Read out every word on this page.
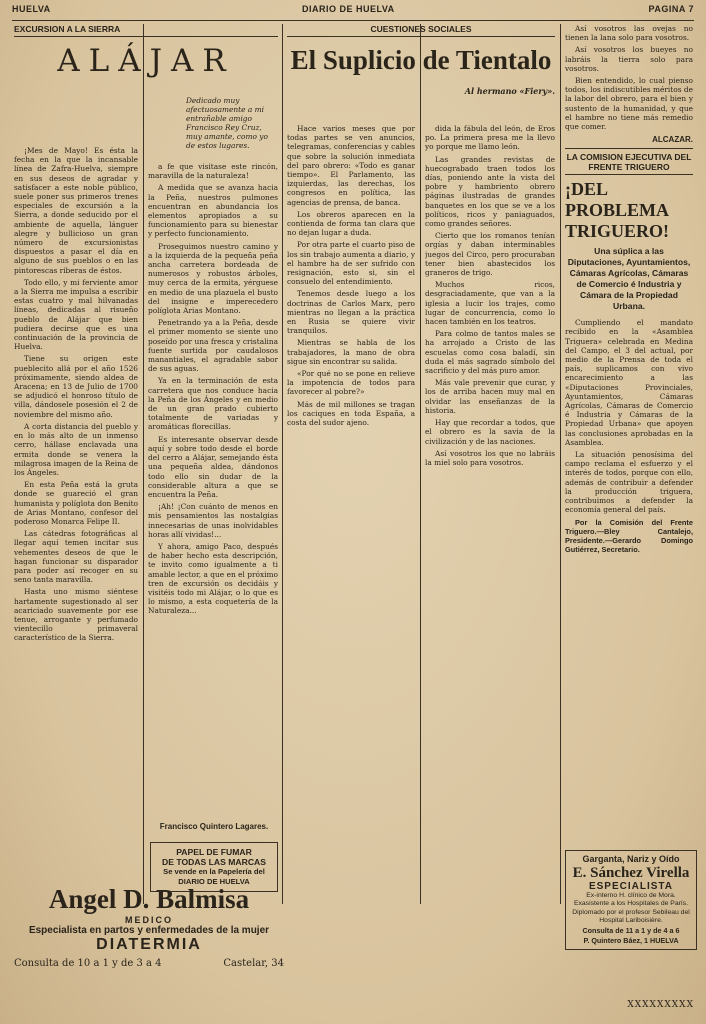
HUELVA	DIARIO DE HUELVA	PAGINA 7
EXCURSION A LA SIERRA
ALÁJAR

¡Mes de Mayo! Es ésta la fecha en la que la incansable línea de Zafra-Huelva, siempre en sus deseos de agradar y satisfacer a este noble público, suele poner sus primeros trenes especiales de excursión a la Sierra, a donde seducido por el ambiente de aquella, lánguer alegre y bullicioso un gran número de excursionistas dispuestos a pasar el día en alguno de sus pueblos o en las pintorescas riberas de éstos.

Todo ello, y mi ferviente amor a la Sierra me impulsa a escribir estas cuatro y mal hilvanadas líneas, dedicadas al risueño pueblo de Alájar que bien pudiera decirse que es una continuación de la provincia de Huelva.

Tiene su origen este pueblecito allá por el año 1526 próximamente, siendo aldea de Aracena; en 13 de Julio de 1700 se adjudicó el honroso título de villa, dándosele posesión el 2 de noviembre del mismo año.

A corta distancia del pueblo y en lo más alto de un inmenso cerro, hállase enclavada una ermita donde se venera la milagrosa imagen de la Reina de los Ángeles.

En esta Peña está la gruta donde se guareció el gran humanista y políglota don Benito de Arias Montano, confesor del poderoso Monarca Felipe II.

Las cátedras fotográficas al llegar aquí temen incitar sus vehementes deseos de que le hagan funcionar su disparador para poder así recoger en su seno tanta maravilla.

Hasta uno mismo siéntese hartamente sugestionado al ser acariciado suavemente por ese tenue, arrogante y perfumado vientecillo primaveral característico de la Sierra.

Dedicado muy afectuosamente a mi entrañable amigo Francisco Rey Cruz, muy amante, como yo de estos lugares.

a fe que visitase este rincón, maravilla de la naturaleza!

A medida que se avanza hacia la Peña, nuestros pulmones encuentran en abundancia los elementos apropiados a su funcionamiento para su bienestar y perfecto funcionamiento.

Proseguimos nuestro camino y a la izquierda de la pequeña peña ancha carretera bordeada de numerosos y robustos árboles, muy cerca de la ermita, yérguese en medio de una plazuela el busto del insigne e imperecedero políglota Arias Montano.

Penetrando ya a la Peña, desde el primer momento se siente uno poseído por una fresca y cristalina fuente surtida por caudalosos manantiales, el agradable sabor de sus aguas.

Ya en la terminación de esta carretera que nos conduce hacia la Peña de los Ángeles y en medio de un gran prado cubierto totalmente de variadas y aromáticas florecillas.

Es interesante observar desde aquí y sobre todo desde el borde del cerro a Alájar, semejando ésta una pequeña aldea, dándonos todo ello sin dudar de la considerable altura a que se encuentra la Peña.

¡Ah! ¡Con cuánto de menos en mis pensamientos las nostalgias innecesarias de unas inolvidables horas allí vividas!...

Y ahora, amigo Paco, después de haber hecho esta descripción, te invito como igualmente a ti amable lector, a que en el próximo tren de excursión os decidáis y visitéis todo mi Alájar, o lo que es lo mismo, a esta coquetería de la Naturaleza...

Francisco Quintero Lagares.
PAPEL DE FUMAR
DE TODAS LAS MARCAS
Se vende en la Papelería del
DIARIO DE HUELVA
CUESTIONES SOCIALES
El Suplicio de Tientalo
Al hermano «Fiery».

Hace varios meses que por todas partes se ven anuncios, telegramas, conferencias y cables que sobre la solución inmediata del paro obrero: «Todo es ganar tiempo». El Parlamento, las izquierdas, las derechas, los congresos en política, las agencias de prensa, de banca.

Los obreros aparecen en la contienda de forma tan clara que no dejan lugar a duda.

Por otra parte el cuarto piso de los sin trabajo aumenta a diario, y el hambre ha de ser sufrido con resignación, esto si, sin el consuelo del entendimiento.

Tenemos desde luego a los doctrinas de Carlos Marx, pero mientras no llegan a la práctica en Rusia se quiere vivir tranquilos.

Mientras se habla de los trabajadores, la mano de obra sigue sin encontrar su salida.

«Por qué no se pone en relieve la impotencia de todos para favorecer al pobre?»

Más de mil millones se tragan los caciques en toda España, a costa del sudor ajeno.

dida la fábula del león, de Eros po. La primera presa me la llevo yo porque me llamo león.

Las grandes revistas de huecograbado traen todos los días, poniendo ante la vista del pobre y hambriento obrero páginas ilustradas de grandes banquetes en los que se ve a los políticos, ricos y paniaguados, como grandes señores.

Cierto que los romanos tenían orgías y daban interminables juegos del Circo, pero procuraban tener bien abastecidos los graneros de trigo.

Muchos ricos, desgraciadamente, que van a la iglesia a lucir los trajes, como lugar de concurrencia, como lo hacen también en los teatros.

Para colmo de tantos males se ha arrojado a Cristo de las escuelas como cosa baladí, sin duda el más sagrado símbolo del sacrificio y del más puro amor.

Más vale prevenir que curar, y los de arriba hacen muy mal en olvidar las enseñanzas de la historia.

Hay que recordar a todos, que el obrero es la savia de la civilización y de las naciones.

Así vosotros los que no labráis la miel solo para vosotros.

Así vosotros las ovejas no tienen la lana solo para vosotros.

Así vosotros los bueyes no labráis la tierra solo para vosotros.

Bien entendido, lo cual pienso todos, los indiscutibles méritos de la labor del obrero, para el bien y sustento de la humanidad, y que el hambre no tiene más remedio que comer.

ALCAZAR.
LA COMISION EJECUTIVA DEL FRENTE TRIGUERO
¡DEL PROBLEMA TRIGUERO!
Una súplica a las Diputaciones, Ayuntamientos, Cámaras Agrícolas, Cámaras de Comercio é Industria y Cámara de la Propiedad Urbana.

Cumpliendo el mandato recibido en la «Asamblea Triguera» celebrada en Medina del Campo, el 3 del actual, por medio de la Prensa de toda el país, suplicamos con vivo encarecimiento a las «Diputaciones Provinciales, Ayuntamientos, Cámaras Agrícolas, Cámaras de Comercio é Industria y Cámaras de la Propiedad Urbana» que apoyen las conclusiones aprobadas en la Asamblea.

La situación penosísima del campo reclama el esfuerzo y el interés de todos, porque con ello, además de contribuir a defender la producción triguera, contribuimos a defender la economía general del país.

Por la Comisión del Frente Triguero.—Bley Cantalejo, Presidente.—Gerardo Domingo Gutiérrez, Secretario.

Garganta, Nariz y Oído
E. Sánchez Virella
ESPECIALISTA
Ex-interno H. clínico de Mora. Exasistente a los Hospitales de París. Diplomado por el profesor Sebileau del Hospital Lariboisière.
Consulta de 11 a 1 y de 4 a 6
P. Quintero Báez, 1 HUELVA
Angel D. Balmisa
MEDICO
Especialista en partos y enfermedades de la mujer
DIATERMIA
Consulta de 10 a 1 y de 3 a 4	Castelar, 34
XXXXXXXXX
